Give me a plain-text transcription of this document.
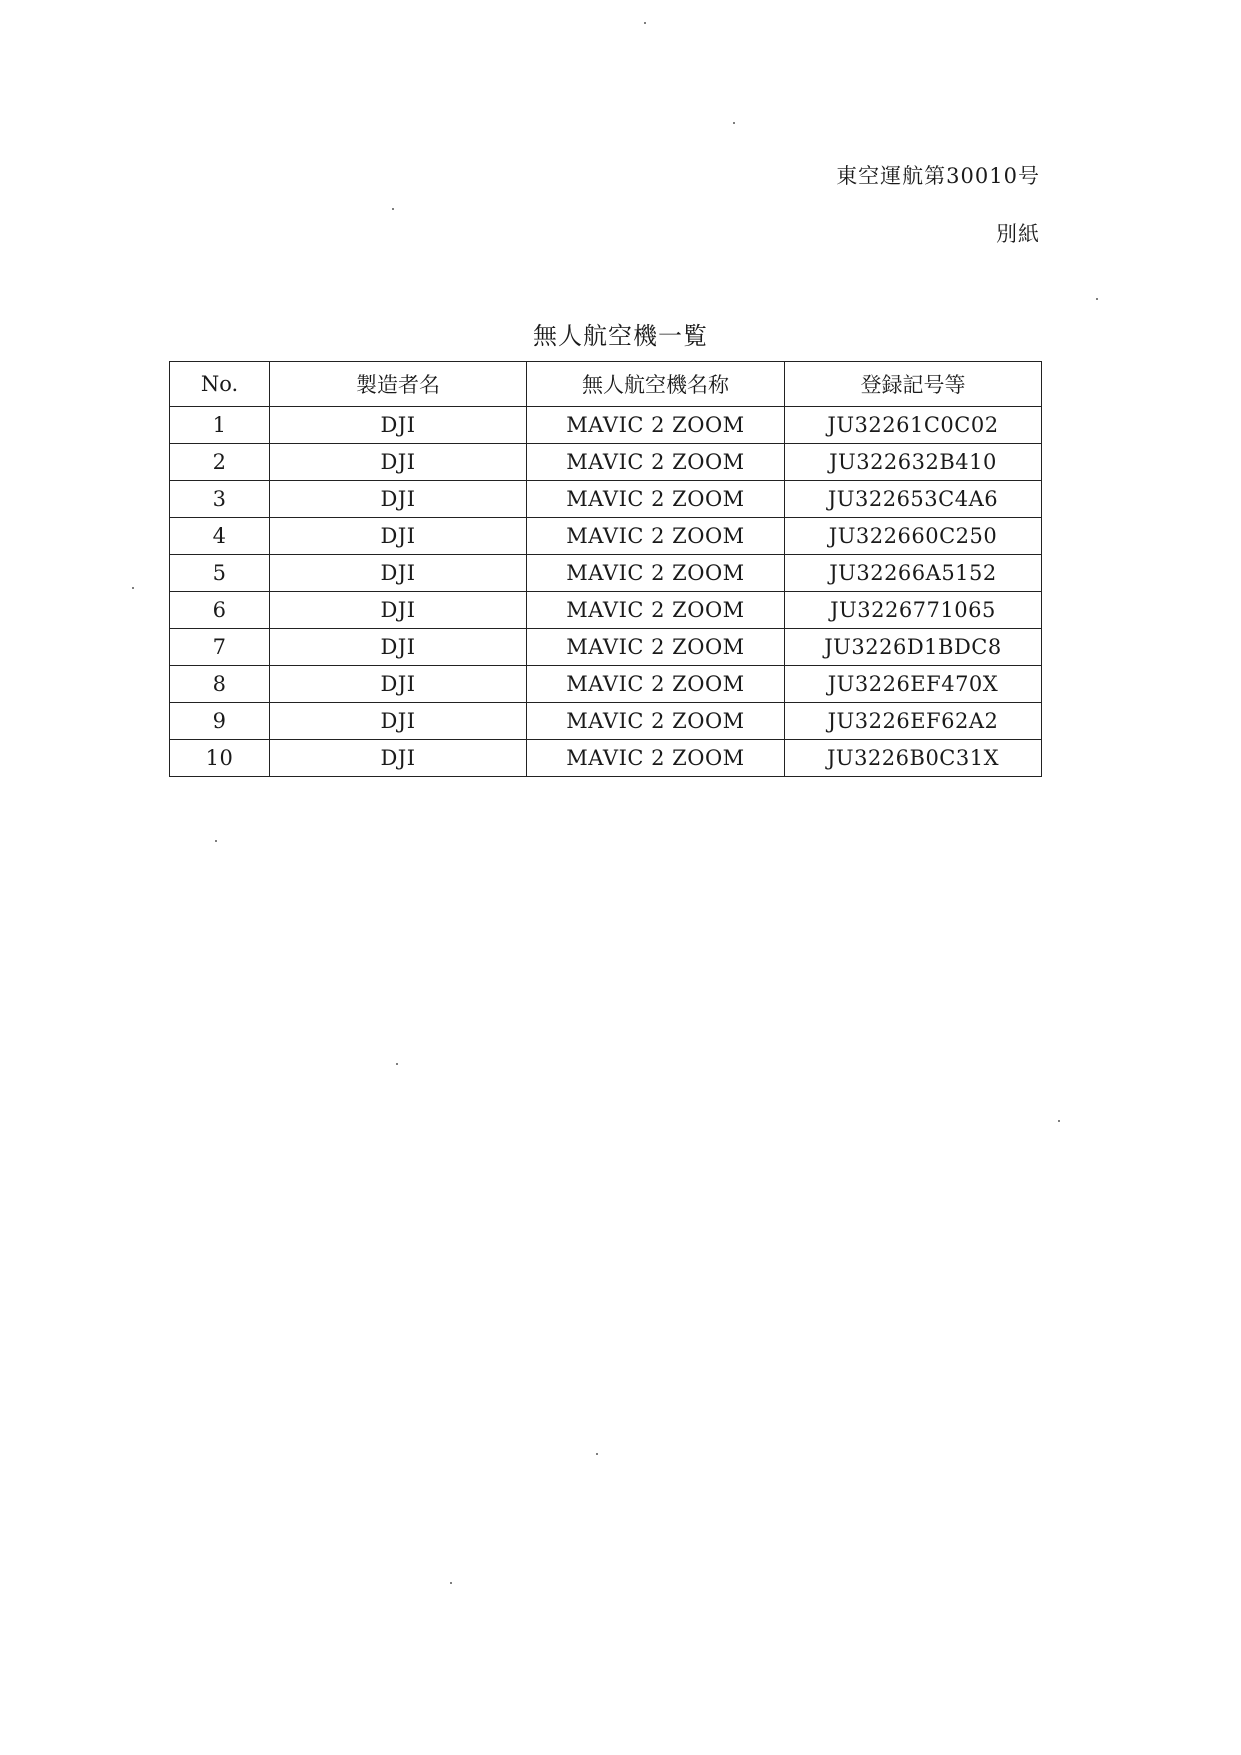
東空運航第30010号
別紙
無人航空機一覧
No.	製造者名	無人航空機名称	登録記号等
1	DJI	MAVIC 2 ZOOM	JU32261C0C02
2	DJI	MAVIC 2 ZOOM	JU322632B410
3	DJI	MAVIC 2 ZOOM	JU322653C4A6
4	DJI	MAVIC 2 ZOOM	JU322660C250
5	DJI	MAVIC 2 ZOOM	JU32266A5152
6	DJI	MAVIC 2 ZOOM	JU3226771065
7	DJI	MAVIC 2 ZOOM	JU3226D1BDC8
8	DJI	MAVIC 2 ZOOM	JU3226EF470X
9	DJI	MAVIC 2 ZOOM	JU3226EF62A2
10	DJI	MAVIC 2 ZOOM	JU3226B0C31X
